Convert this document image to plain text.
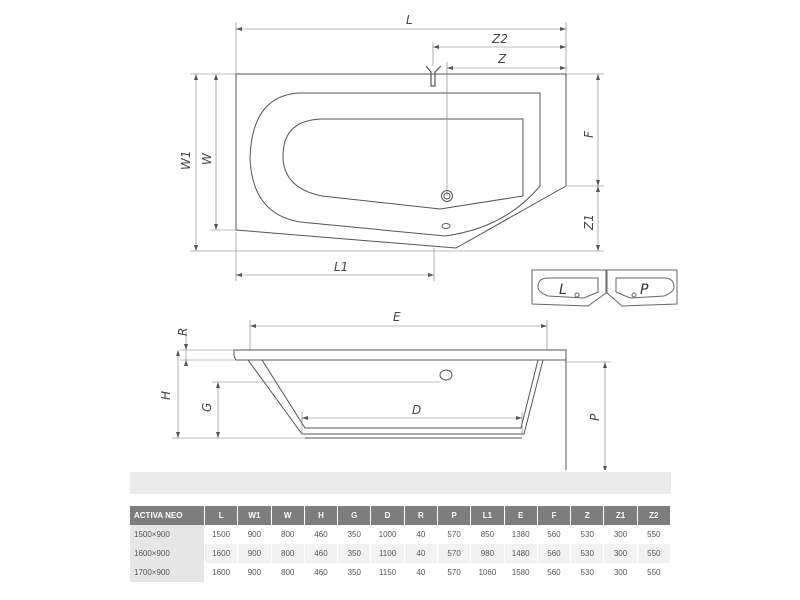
L
Z2
Z
W1 W
F
Z1
L1
L	P
E
R
H
G	D
P
ACTIVA NEO	L	W1	W	H	G	D	R	P	L1	E	F	Z	Z1	Z2
1500×900	1500	900	800	460	350	1000	40	570	850	1380	560	530	300	550
1600×900	1600	900	800	460	350	1100	40	570	980	1480	560	530	300	550
1700×900	1600	900	800	460	350	1150	40	570	1060	1580	560	530	300	550
